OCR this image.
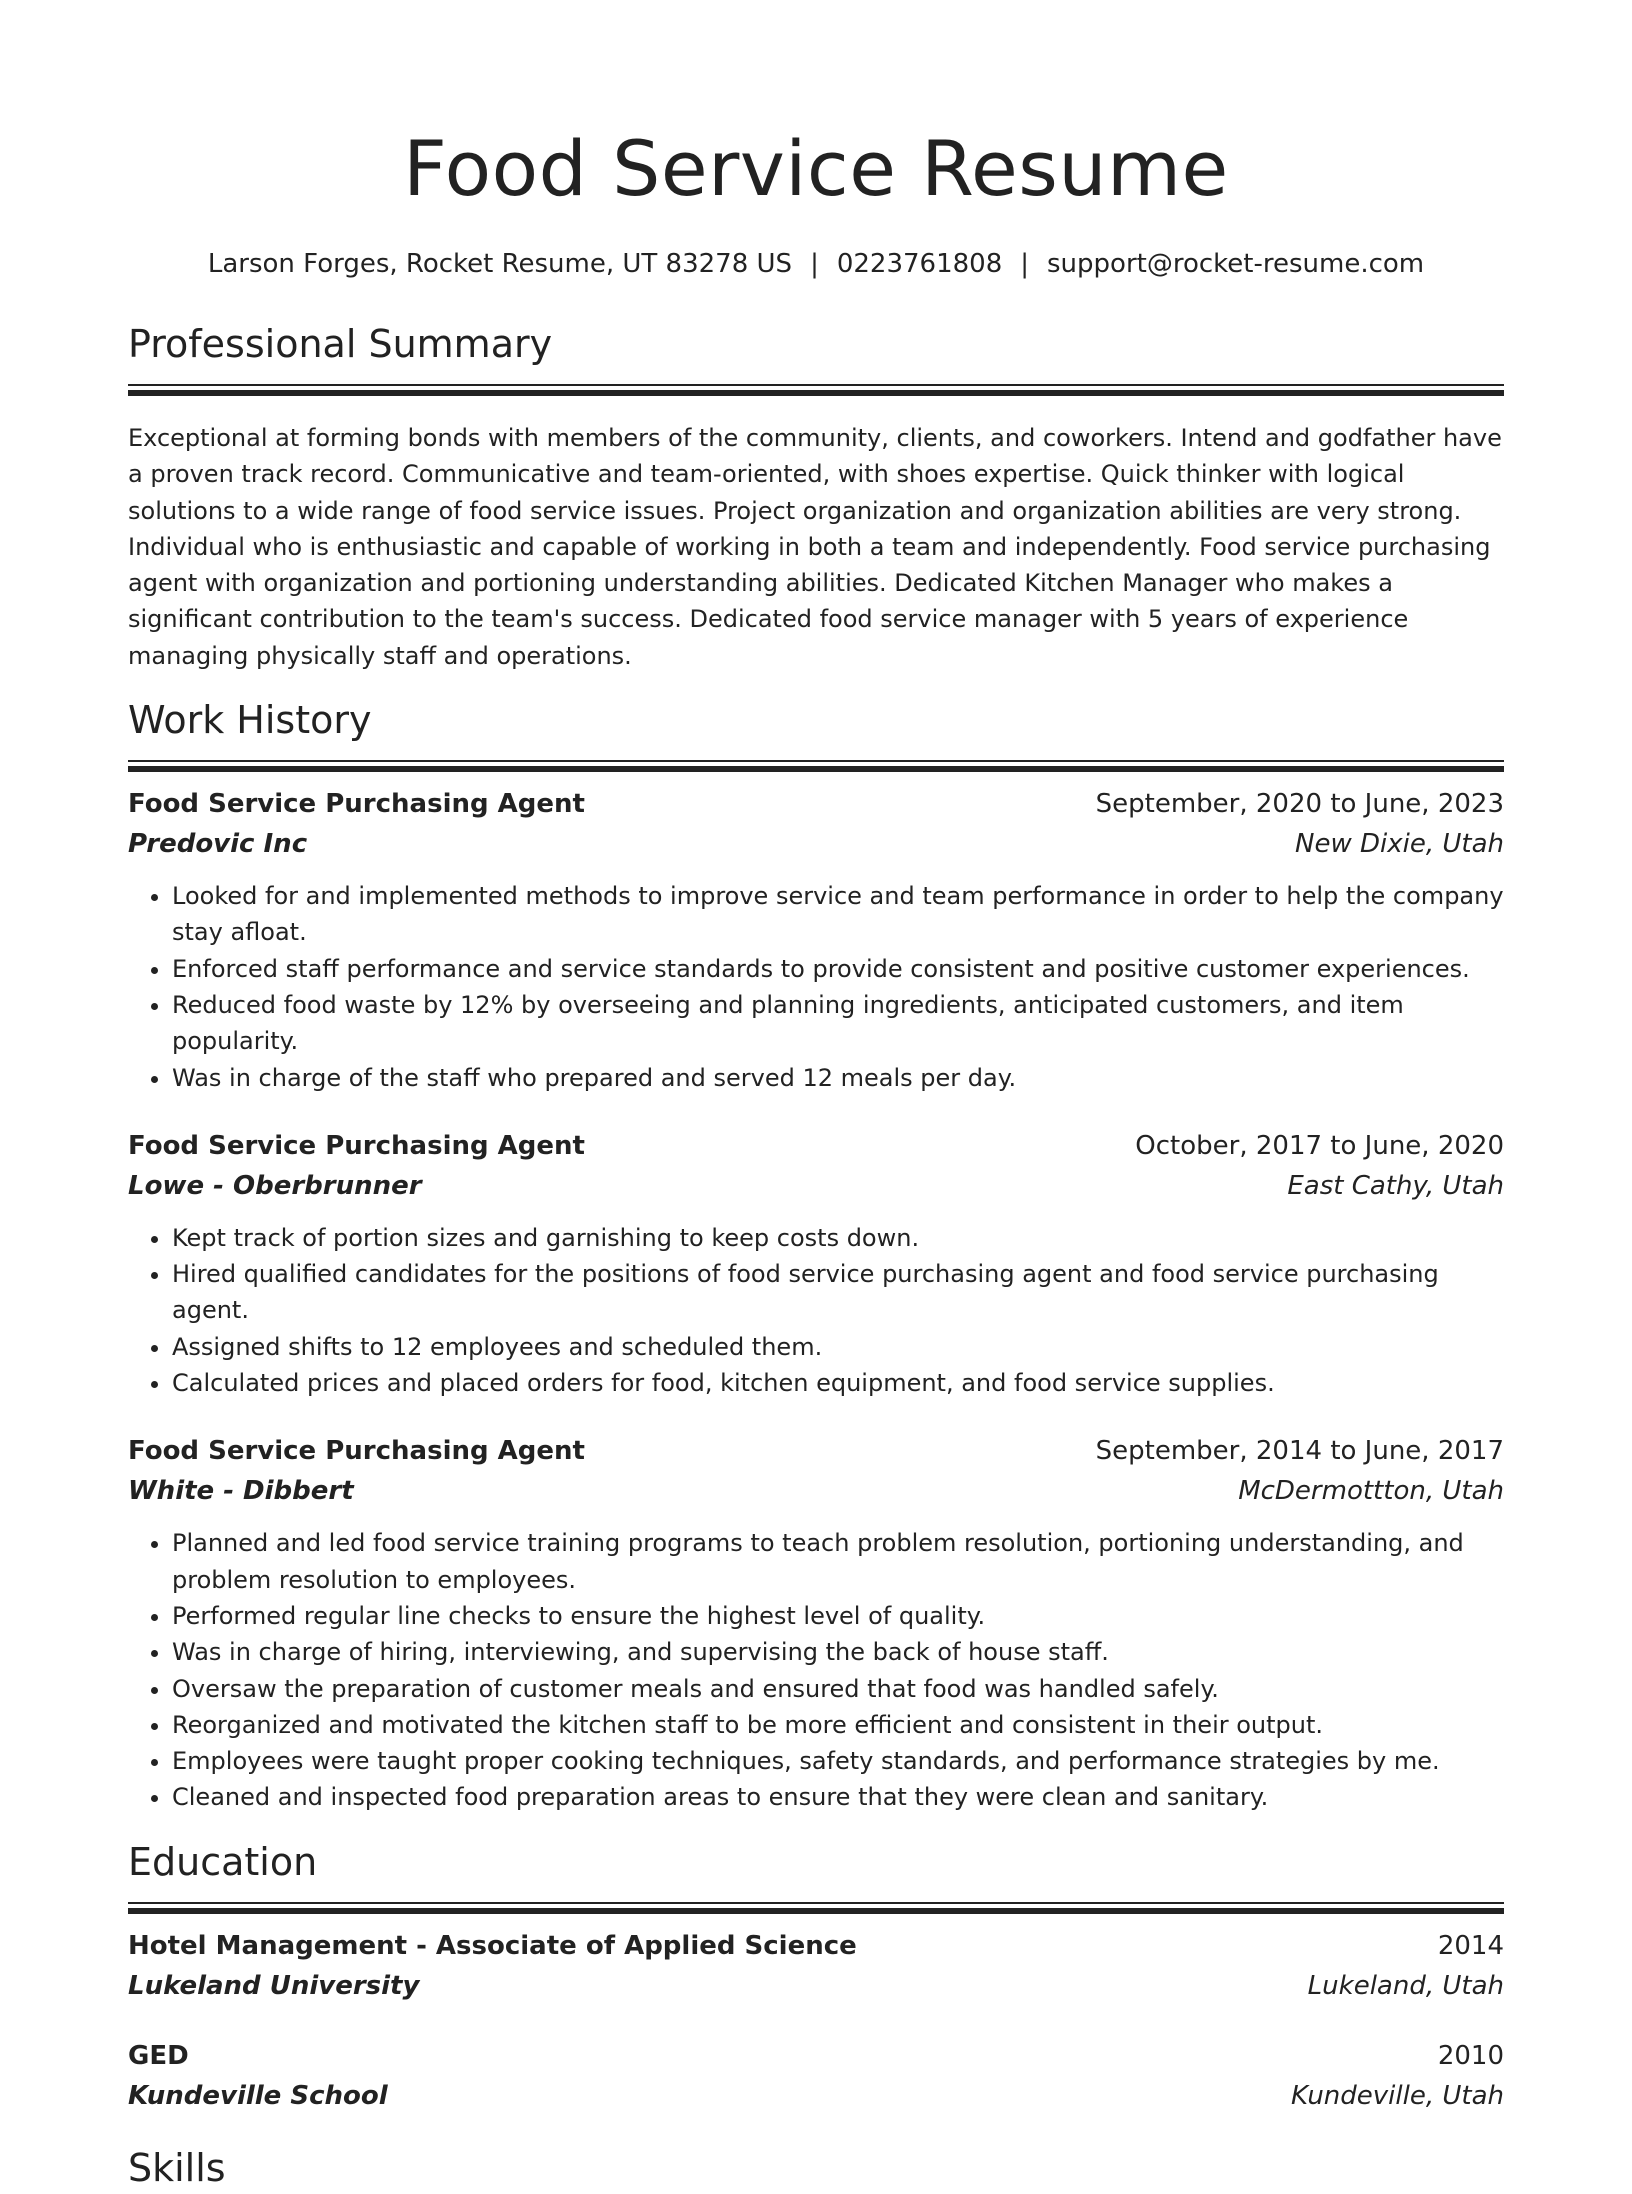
Food Service Resume
Larson Forges, Rocket Resume, UT 83278 US | 0223761808 | support@rocket-resume.com
Professional Summary
Exceptional at forming bonds with members of the community, clients, and coworkers. Intend and godfather have a proven track record. Communicative and team-oriented, with shoes expertise. Quick thinker with logical solutions to a wide range of food service issues. Project organization and organization abilities are very strong. Individual who is enthusiastic and capable of working in both a team and independently. Food service purchasing agent with organization and portioning understanding abilities. Dedicated Kitchen Manager who makes a significant contribution to the team's success. Dedicated food service manager with 5 years of experience managing physically staff and operations.
Work History
Food Service Purchasing Agent	September, 2020 to June, 2023
Predovic Inc	New Dixie, Utah
• Looked for and implemented methods to improve service and team performance in order to help the company stay afloat.
• Enforced staff performance and service standards to provide consistent and positive customer experiences.
• Reduced food waste by 12% by overseeing and planning ingredients, anticipated customers, and item popularity.
• Was in charge of the staff who prepared and served 12 meals per day.
Food Service Purchasing Agent	October, 2017 to June, 2020
Lowe - Oberbrunner	East Cathy, Utah
• Kept track of portion sizes and garnishing to keep costs down.
• Hired qualified candidates for the positions of food service purchasing agent and food service purchasing agent.
• Assigned shifts to 12 employees and scheduled them.
• Calculated prices and placed orders for food, kitchen equipment, and food service supplies.
Food Service Purchasing Agent	September, 2014 to June, 2017
White - Dibbert	McDermottton, Utah
• Planned and led food service training programs to teach problem resolution, portioning understanding, and problem resolution to employees.
• Performed regular line checks to ensure the highest level of quality.
• Was in charge of hiring, interviewing, and supervising the back of house staff.
• Oversaw the preparation of customer meals and ensured that food was handled safely.
• Reorganized and motivated the kitchen staff to be more efficient and consistent in their output.
• Employees were taught proper cooking techniques, safety standards, and performance strategies by me.
• Cleaned and inspected food preparation areas to ensure that they were clean and sanitary.
Education
Hotel Management - Associate of Applied Science	2014
Lukeland University	Lukeland, Utah
GED	2010
Kundeville School	Kundeville, Utah
Skills
